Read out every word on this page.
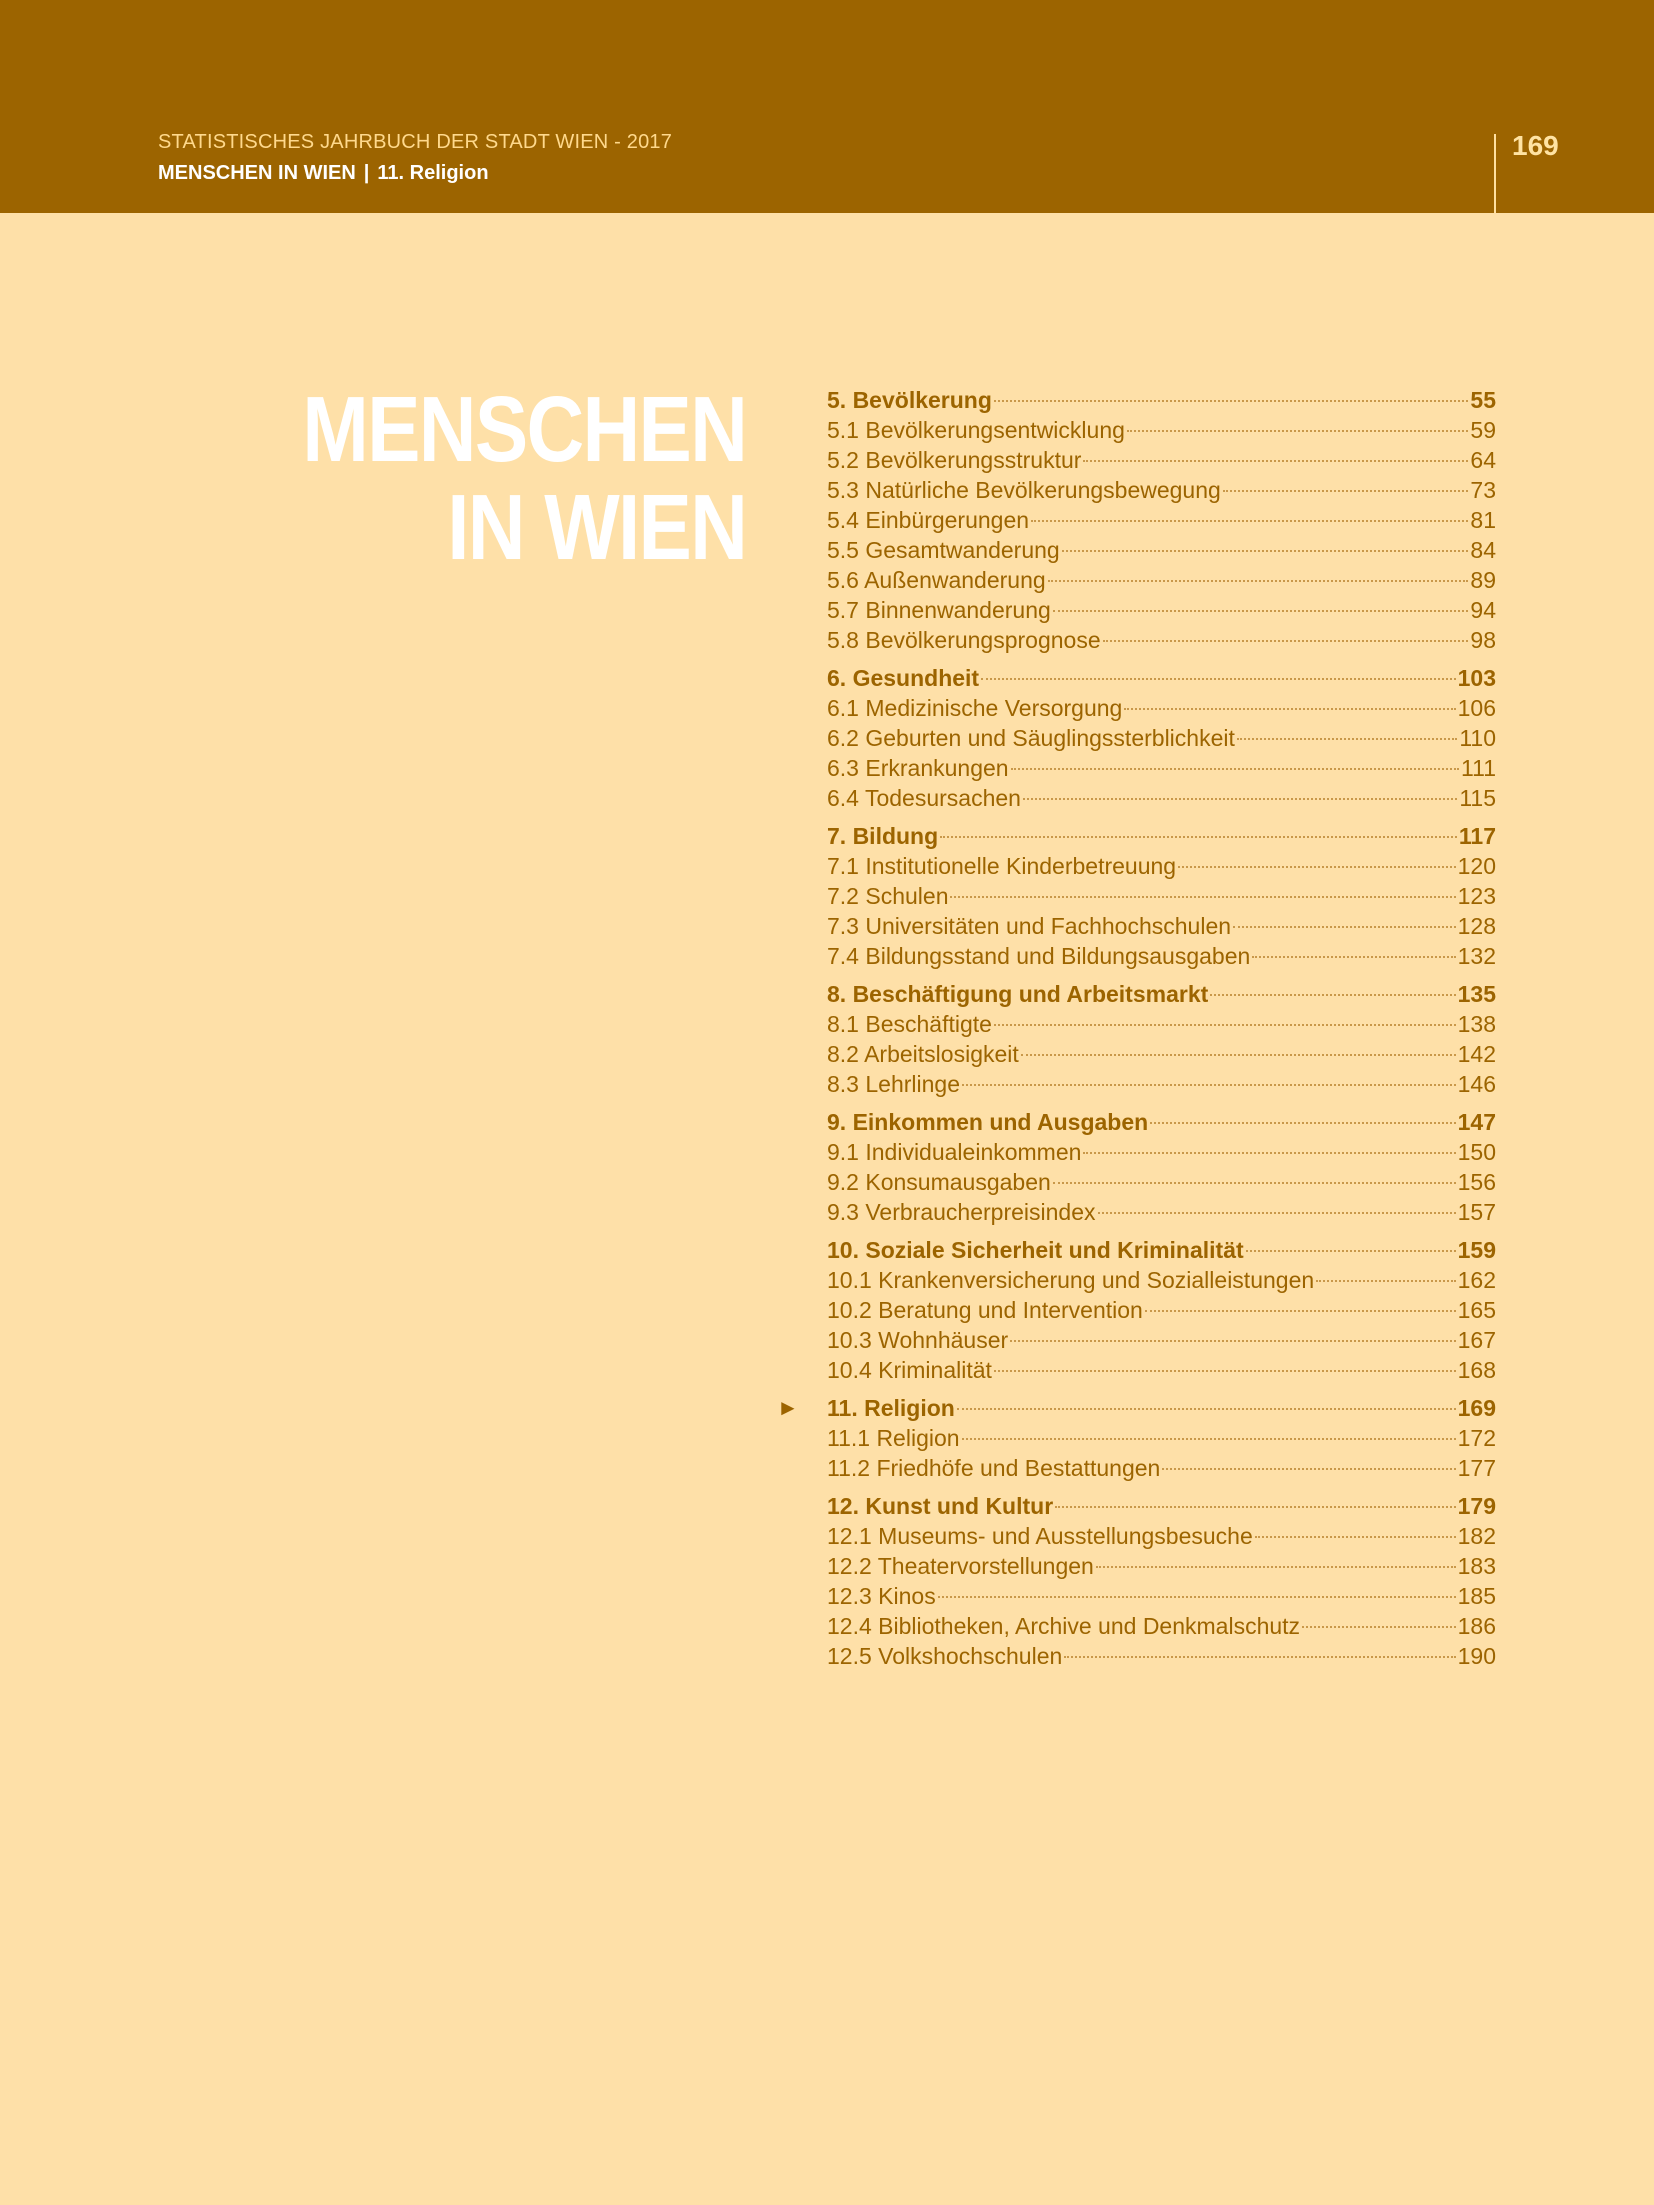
STATISTISCHES JAHRBUCH DER STADT WIEN - 2017
MENSCHEN IN WIEN | 11. Religion
169
MENSCHEN
IN WIEN
5. Bevölkerung	55
5.1 Bevölkerungsentwicklung	59
5.2 Bevölkerungsstruktur	64
5.3 Natürliche Bevölkerungsbewegung	73
5.4 Einbürgerungen	81
5.5 Gesamtwanderung	84
5.6 Außenwanderung	89
5.7 Binnenwanderung	94
5.8 Bevölkerungsprognose	98
6. Gesundheit	103
6.1 Medizinische Versorgung	106
6.2 Geburten und Säuglingssterblichkeit	110
6.3 Erkrankungen	111
6.4 Todesursachen	115
7. Bildung	117
7.1 Institutionelle Kinderbetreuung	120
7.2 Schulen	123
7.3 Universitäten und Fachhochschulen	128
7.4 Bildungsstand und Bildungsausgaben	132
8. Beschäftigung und Arbeitsmarkt	135
8.1 Beschäftigte	138
8.2 Arbeitslosigkeit	142
8.3 Lehrlinge	146
9. Einkommen und Ausgaben	147
9.1 Individualeinkommen	150
9.2 Konsumausgaben	156
9.3 Verbraucherpreisindex	157
10. Soziale Sicherheit und Kriminalität	159
10.1 Krankenversicherung und Sozialleistungen	162
10.2 Beratung und Intervention	165
10.3 Wohnhäuser	167
10.4 Kriminalität	168
► 11. Religion	169
11.1 Religion	172
11.2 Friedhöfe und Bestattungen	177
12. Kunst und Kultur	179
12.1 Museums- und Ausstellungsbesuche	182
12.2 Theatervorstellungen	183
12.3 Kinos	185
12.4 Bibliotheken, Archive und Denkmalschutz	186
12.5 Volkshochschulen	190
